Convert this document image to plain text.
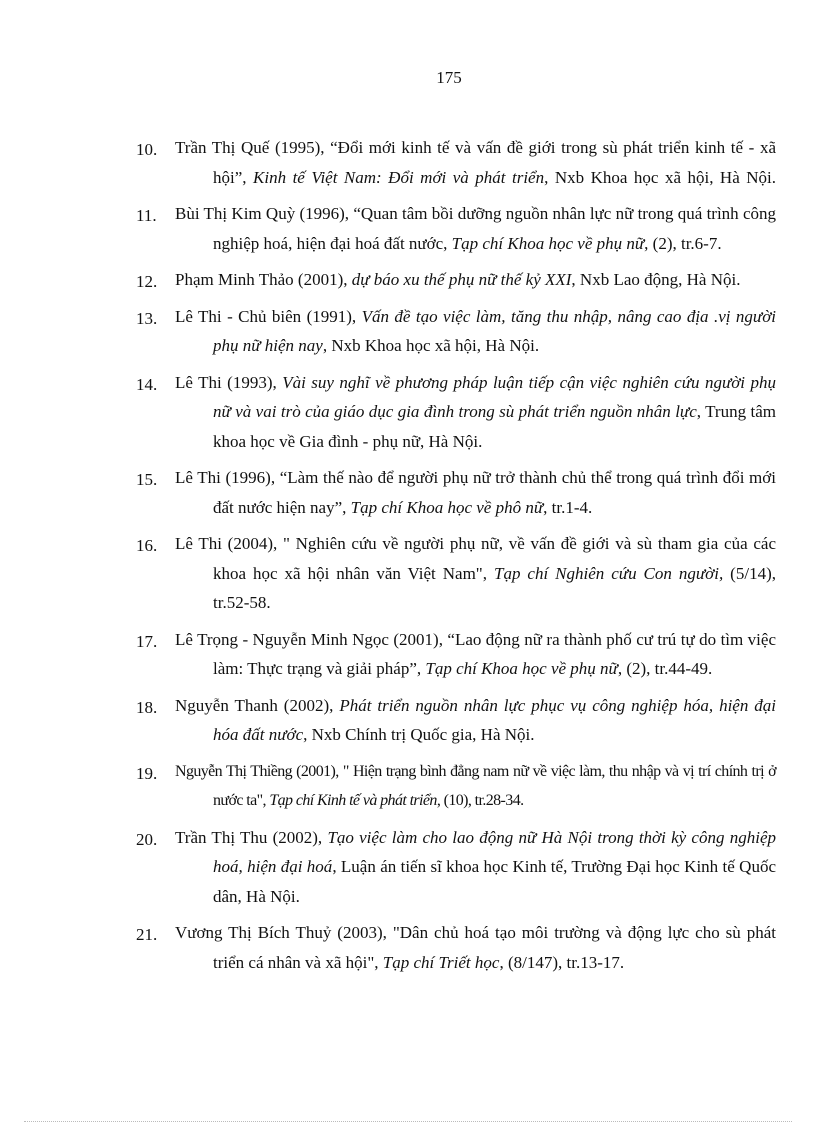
175
10. Trần Thị Quế (1995), “Đổi mới kinh tế và vấn đề giới trong sù phát triển kinh tế - xã hội”, Kinh tế Việt Nam: Đổi mới và phát triển, Nxb Khoa học xã hội, Hà Nội.
11. Bùi Thị Kim Quỳ (1996), “Quan tâm bồi dưỡng nguồn nhân lực nữ trong quá trình công nghiệp hoá, hiện đại hoá đất nước, Tạp chí Khoa học về phụ nữ, (2), tr.6-7.
12. Phạm Minh Thảo (2001), dự báo xu thế phụ nữ thế kỷ XXI, Nxb Lao động, Hà Nội.
13. Lê Thi - Chủ biên (1991), Vấn đề tạo việc làm, tăng thu nhập, nâng cao địa .vị người phụ nữ hiện nay, Nxb Khoa học xã hội, Hà Nội.
14. Lê Thi (1993), Vài suy nghĩ về phương pháp luận tiếp cận việc nghiên cứu người phụ nữ và vai trò của giáo dục gia đình trong sù phát triển nguồn nhân lực, Trung tâm khoa học về Gia đình - phụ nữ, Hà Nội.
15. Lê Thi (1996), “Làm thế nào để người phụ nữ trở thành chủ thể trong quá trình đổi mới đất nước hiện nay”, Tạp chí Khoa học về phô nữ, tr.1-4.
16. Lê Thi (2004), " Nghiên cứu về người phụ nữ, về vấn đề giới và sù tham gia của các khoa học xã hội nhân văn Việt Nam", Tạp chí Nghiên cứu Con người, (5/14), tr.52-58.
17. Lê Trọng - Nguyễn Minh Ngọc (2001), “Lao động nữ ra thành phố cư trú tự do tìm việc làm: Thực trạng và giải pháp”, Tạp chí Khoa học về phụ nữ, (2), tr.44-49.
18. Nguyễn Thanh (2002), Phát triển nguồn nhân lực phục vụ công nghiệp hóa, hiện đại hóa đất nước, Nxb Chính trị Quốc gia, Hà Nội.
19. Nguyễn Thị Thiềng (2001), " Hiện trạng bình đẳng nam nữ về việc làm, thu nhập và vị trí chính trị ở nước ta", Tạp chí Kinh tế và phát triển, (10), tr.28-34.
20. Trần Thị Thu (2002), Tạo việc làm cho lao động nữ Hà Nội trong thời kỳ công nghiệp hoá, hiện đại hoá, Luận án tiến sĩ khoa học Kinh tế, Trường Đại học Kinh tế Quốc dân, Hà Nội.
21. Vương Thị Bích Thuỷ (2003), "Dân chủ hoá tạo môi trường và động lực cho sù phát triển cá nhân và xã hội", Tạp chí Triết học, (8/147), tr.13-17.
